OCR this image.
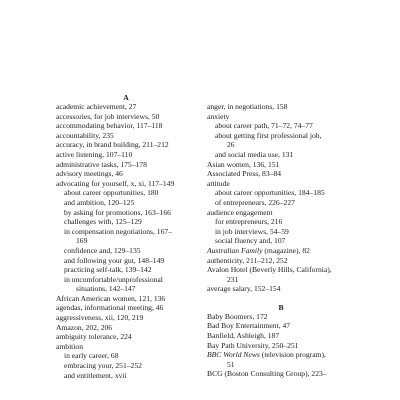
A
academic achievement, 27
accessories, for job interviews, 50
accommodating behavior, 117–118
accountability, 235
accuracy, in brand building, 211–212
active listening, 107–110
administrative tasks, 175–178
advisory meetings, 46
advocating for yourself, x, xi, 117–149
about career opportunities, 180
and ambition, 120–125
by asking for promotions, 163–166
challenges with, 125–129
in compensation negotiations, 167–
169
confidence and, 129–135
and following your gut, 148–149
practicing self-talk, 139–142
in uncomfortable/unprofessional
situations, 142–147
African American women, 121, 136
agendas, informational meeting, 46
aggressiveness, xii, 120, 219
Amazon, 202, 206
ambiguity tolerance, 224
ambition
in early career, 68
embracing your, 251–252
and entitlement, xvii
anger, in negotiations, 158
anxiety
about career path, 71–72, 74–77
about getting first professional job,
26
and social media use, 131
Asian women, 136, 151
Associated Press, 83–84
attitude
about career opportunities, 184–185
of entrepreneurs, 226–227
audience engagement
for entrepreneurs, 216
in job interviews, 54–59
social fluency and, 107
Australian Family (magazine), 82
authenticity, 211–212, 252
Avalon Hotel (Beverly Hills, California),
231
average salary, 152–154
B
Baby Boomers, 172
Bad Boy Entertainment, 47
Banfield, Ashleigh, 187
Bay Path University, 250–251
BBC World News (television program),
51
BCG (Boston Consulting Group), 223–
